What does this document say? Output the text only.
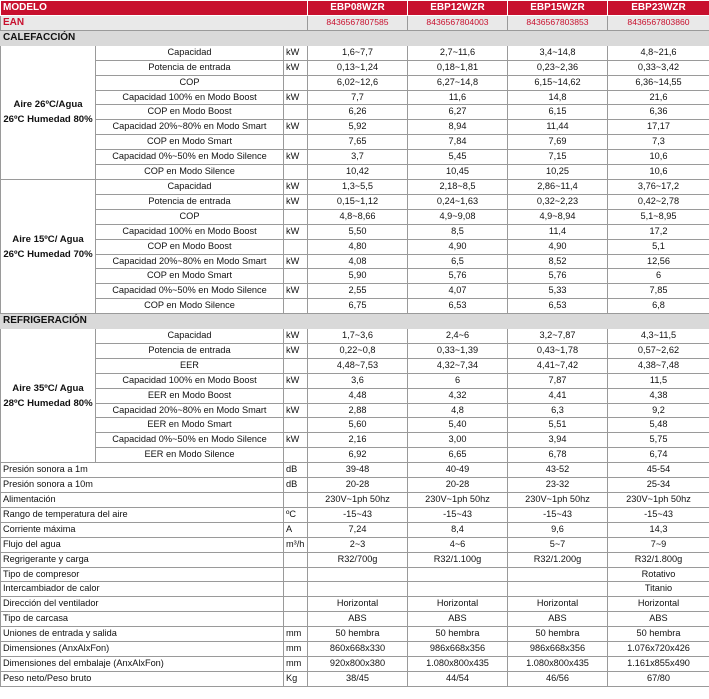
MODELO			EBP08WZR	EBP12WZR	EBP15WZR	EBP23WZR
EAN			8436567807585	8436567804003	8436567803853	8436567803860
CALEFACCIÓN						
Aire 26ºC/Agua 26ºC Humedad 80%	Capacidad	kW	1,6~7,7	2,7~11,6	3,4~14,8	4,8~21,6
	Potencia de entrada	kW	0,13~1,24	0,18~1,81	0,23~2,36	0,33~3,42
	COP		6,02~12,6	6,27~14,8	6,15~14,62	6,36~14,55
	Capacidad 100% en Modo Boost	kW	7,7	11,6	14,8	21,6
	COP en Modo Boost		6,26	6,27	6,15	6,36
	Capacidad 20%~80% en Modo Smart	kW	5,92	8,94	11,44	17,17
	COP en Modo Smart		7,65	7,84	7,69	7,3
	Capacidad 0%~50% en Modo Silence	kW	3,7	5,45	7,15	10,6
	COP en Modo Silence		10,42	10,45	10,25	10,6
Aire 15ºC/ Agua 26ºC Humedad 70%	Capacidad	kW	1,3~5,5	2,18~8,5	2,86~11,4	3,76~17,2
	Potencia de entrada	kW	0,15~1,12	0,24~1,63	0,32~2,23	0,42~2,78
	COP		4,8~8,66	4,9~9,08	4,9~8,94	5,1~8,95
	Capacidad 100% en Modo Boost	kW	5,50	8,5	11,4	17,2
	COP en Modo Boost		4,80	4,90	4,90	5,1
	Capacidad 20%~80% en Modo Smart	kW	4,08	6,5	8,52	12,56
	COP en Modo Smart		5,90	5,76	5,76	6
	Capacidad 0%~50% en Modo Silence	kW	2,55	4,07	5,33	7,85
	COP en Modo Silence		6,75	6,53	6,53	6,8
REFRIGERACIÓN						
Aire 35ºC/ Agua 28ºC Humedad 80%	Capacidad	kW	1,7~3,6	2,4~6	3,2~7,87	4,3~11,5
	Potencia de entrada	kW	0,22~0,8	0,33~1,39	0,43~1,78	0,57~2,62
	EER		4,48~7,53	4,32~7,34	4,41~7,42	4,38~7,48
	Capacidad 100% en Modo Boost	kW	3,6	6	7,87	11,5
	EER en Modo Boost		4,48	4,32	4,41	4,38
	Capacidad 20%~80% en Modo Smart	kW	2,88	4,8	6,3	9,2
	EER en Modo Smart		5,60	5,40	5,51	5,48
	Capacidad 0%~50% en Modo Silence	kW	2,16	3,00	3,94	5,75
	EER en Modo Silence		6,92	6,65	6,78	6,74
Presión sonora a 1m		dB	39-48	40-49	43-52	45-54
Presión sonora a 10m		dB	20-28	20-28	23-32	25-34
Alimentación			230V~1ph 50hz	230V~1ph 50hz	230V~1ph 50hz	230V~1ph 50hz
Rango de temperatura del aire		ºC	-15~43	-15~43	-15~43	-15~43
Corriente máxima		A	7,24	8,4	9,6	14,3
Flujo del agua		m³/h	2~3	4~6	5~7	7~9
Regrigerante y carga			R32/700g	R32/1.100g	R32/1.200g	R32/1.800g
Tipo de compresor						Rotativo
Intercambiador de calor						Titanio
Dirección del ventilador			Horizontal	Horizontal	Horizontal	Horizontal
Tipo de carcasa			ABS	ABS	ABS	ABS
Uniones de entrada y salida		mm	50 hembra	50 hembra	50 hembra	50 hembra
Dimensiones (AnxAlxFon)		mm	860x668x330	986x668x356	986x668x356	1.076x720x426
Dimensiones del embalaje (AnxAlxFon)		mm	920x800x380	1.080x800x435	1.080x800x435	1.161x855x490
Peso neto/Peso bruto		Kg	38/45	44/54	46/56	67/80
